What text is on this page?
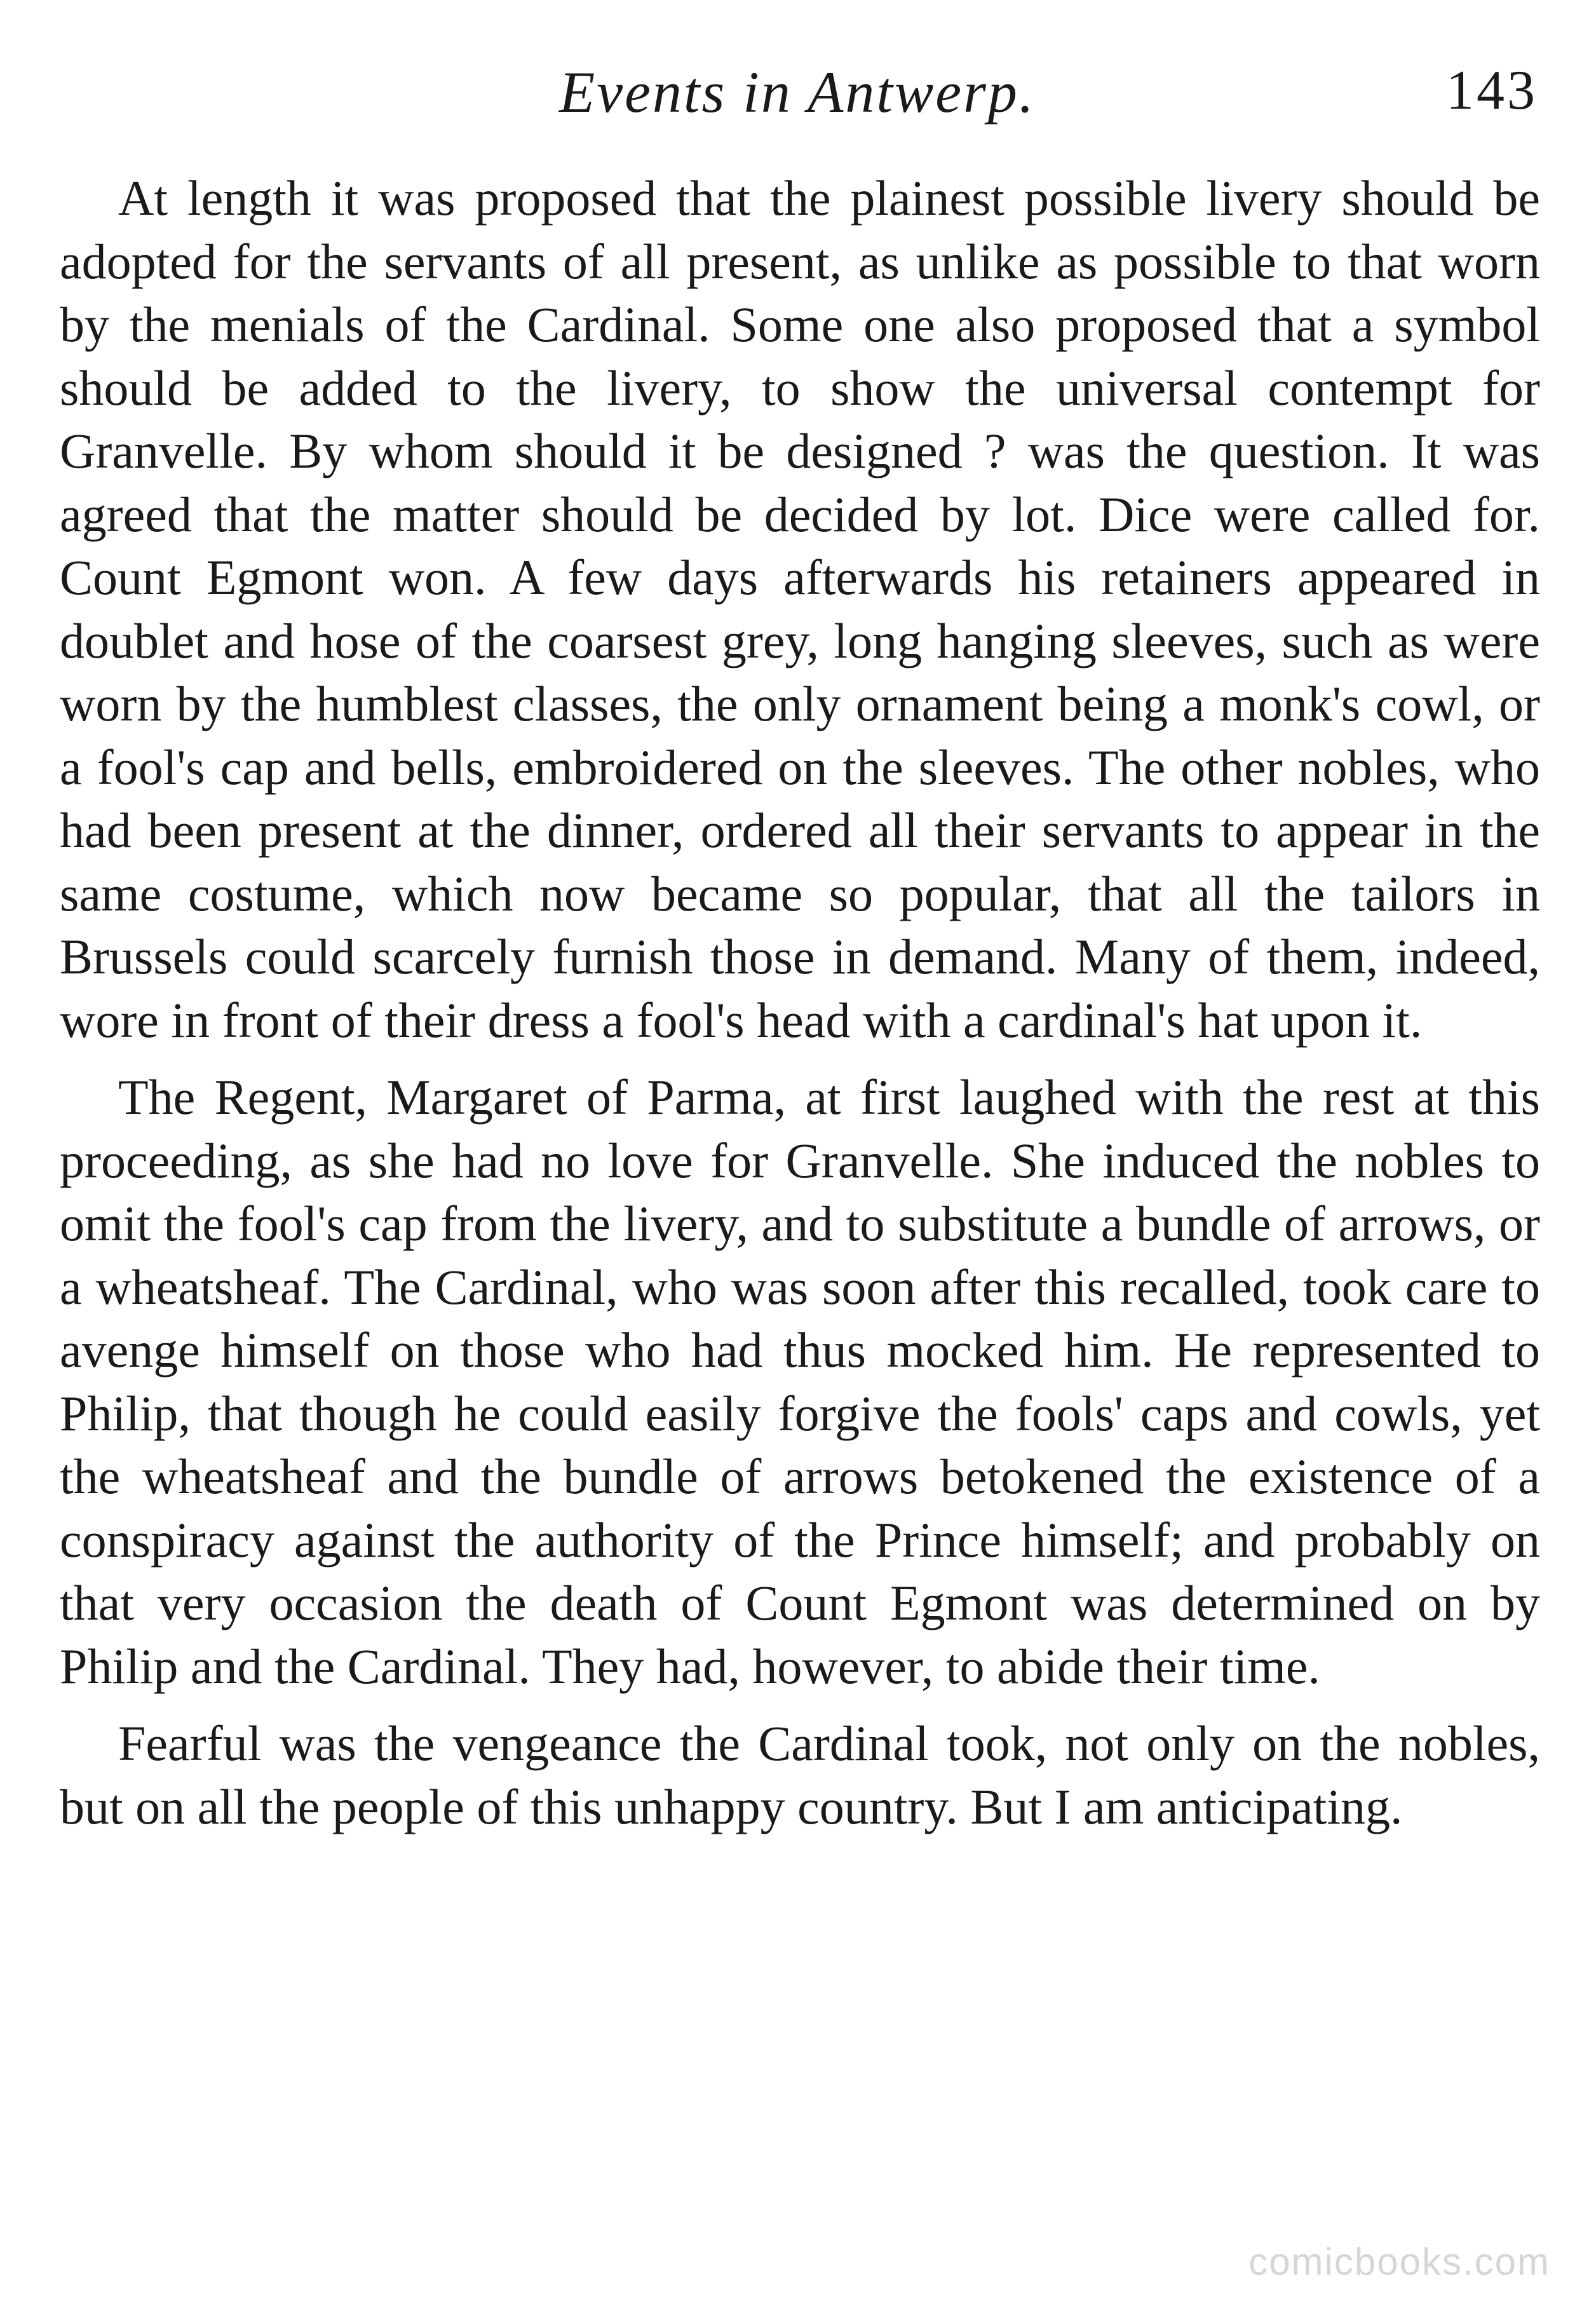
Events in Antwerp.	143

At length it was proposed that the plainest possible livery should be adopted for the servants of all present, as unlike as possible to that worn by the menials of the Cardinal. Some one also proposed that a symbol should be added to the livery, to show the universal contempt for Granvelle. By whom should it be designed ? was the question. It was agreed that the matter should be decided by lot. Dice were called for. Count Egmont won. A few days afterwards his retainers appeared in doublet and hose of the coarsest grey, long hanging sleeves, such as were worn by the humblest classes, the only ornament being a monk's cowl, or a fool's cap and bells, embroidered on the sleeves. The other nobles, who had been present at the dinner, ordered all their servants to appear in the same costume, which now became so popular, that all the tailors in Brussels could scarcely furnish those in demand. Many of them, indeed, wore in front of their dress a fool's head with a cardinal's hat upon it.

The Regent, Margaret of Parma, at first laughed with the rest at this proceeding, as she had no love for Granvelle. She induced the nobles to omit the fool's cap from the livery, and to substitute a bundle of arrows, or a wheatsheaf. The Cardinal, who was soon after this recalled, took care to avenge himself on those who had thus mocked him. He represented to Philip, that though he could easily forgive the fools' caps and cowls, yet the wheatsheaf and the bundle of arrows betokened the existence of a conspiracy against the authority of the Prince himself; and probably on that very occasion the death of Count Egmont was determined on by Philip and the Cardinal. They had, however, to abide their time.

Fearful was the vengeance the Cardinal took, not only on the nobles, but on all the people of this unhappy country. But I am anticipating.

comicbooks.com
